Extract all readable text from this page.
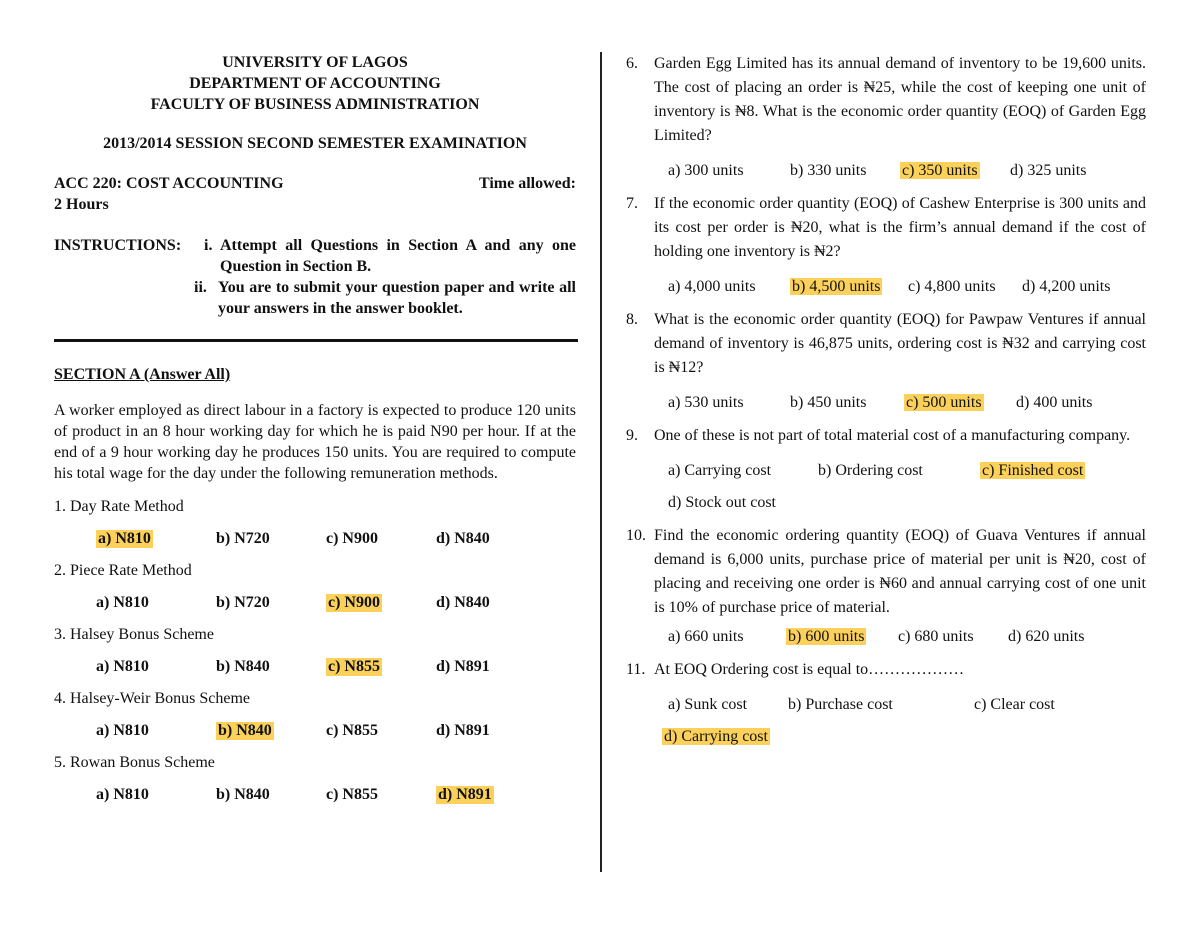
UNIVERSITY OF LAGOS
DEPARTMENT OF ACCOUNTING
FACULTY OF BUSINESS ADMINISTRATION
2013/2014 SESSION SECOND SEMESTER EXAMINATION
ACC 220: COST ACCOUNTING	Time allowed:
2 Hours
INSTRUCTIONS:	i. Attempt all Questions in Section A and any one Question in Section B.
ii. You are to submit your question paper and write all your answers in the answer booklet.
SECTION A (Answer All)
A worker employed as direct labour in a factory is expected to produce 120 units of product in an 8 hour working day for which he is paid N90 per hour. If at the end of a 9 hour working day he produces 150 units. You are required to compute his total wage for the day under the following remuneration methods.
1. Day Rate Method
a) N810	b) N720	c) N900	d) N840
2. Piece Rate Method
a) N810	b) N720	c) N900	d) N840
3. Halsey Bonus Scheme
a) N810	b) N840	c) N855	d) N891
4. Halsey-Weir Bonus Scheme
a) N810	b) N840	c) N855	d) N891
5. Rowan Bonus Scheme
a) N810	b) N840	c) N855	d) N891
6.	Garden Egg Limited has its annual demand of inventory to be 19,600 units. The cost of placing an order is ₦25, while the cost of keeping one unit of inventory is ₦8. What is the economic order quantity (EOQ) of Garden Egg Limited?
a) 300 units	b) 330 units	c) 350 units	d) 325 units
7.	If the economic order quantity (EOQ) of Cashew Enterprise is 300 units and its cost per order is ₦20, what is the firm’s annual demand if the cost of holding one inventory is ₦2?
a) 4,000 units	b) 4,500 units	c) 4,800 units	d) 4,200 units
8.	What is the economic order quantity (EOQ) for Pawpaw Ventures if annual demand of inventory is 46,875 units, ordering cost is ₦32 and carrying cost is ₦12?
a) 530 units	b) 450 units	c) 500 units	d) 400 units
9.	One of these is not part of total material cost of a manufacturing company.
a) Carrying cost	b) Ordering cost	c) Finished cost
d) Stock out cost
10. Find the economic ordering quantity (EOQ) of Guava Ventures if annual demand is 6,000 units, purchase price of material per unit is ₦20, cost of placing and receiving one order is ₦60 and annual carrying cost of one unit is 10% of purchase price of material.
a) 660 units	b) 600 units	c) 680 units	d) 620 units
11. At EOQ Ordering cost is equal to………………
a) Sunk cost	b) Purchase cost	c) Clear cost
d) Carrying cost
